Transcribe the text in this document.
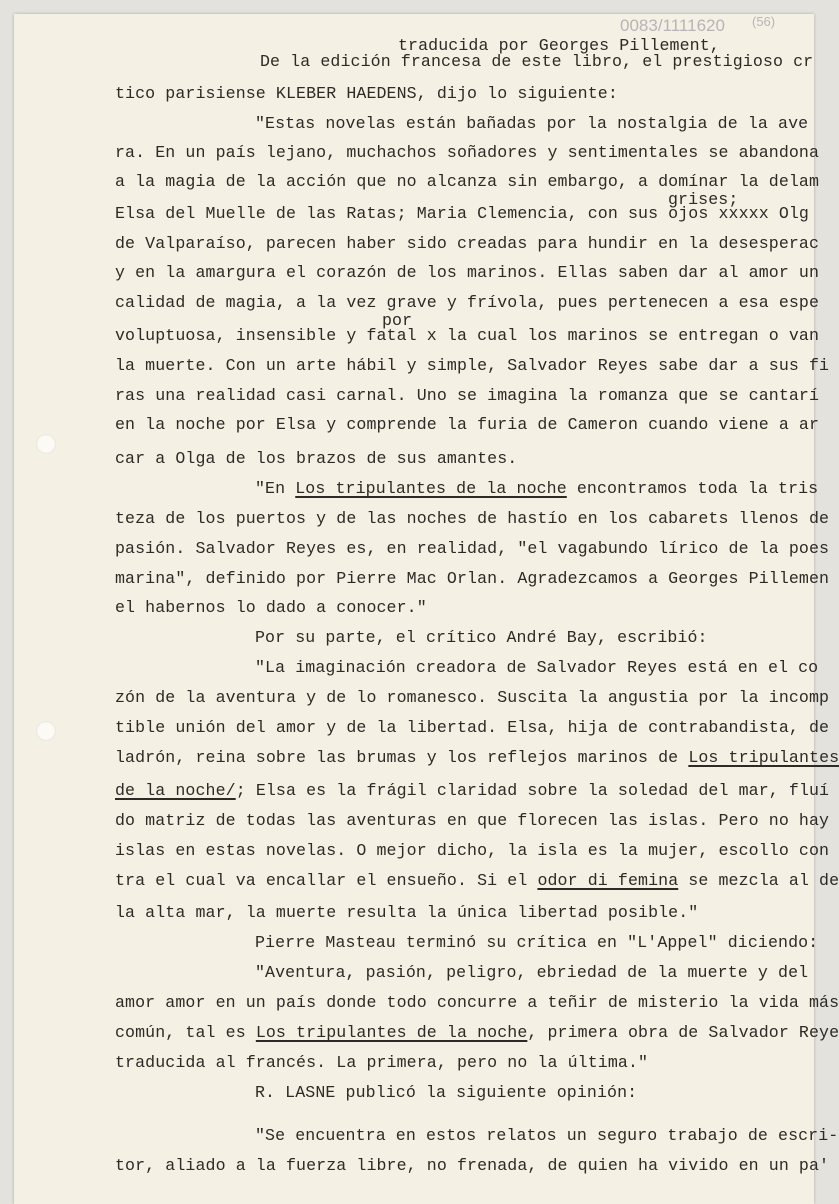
0083/1111620 (56)
traducida por Georges Pillement,
De la edición francesa de este libro, el prestigioso cr
tico parisiense KLEBER HAEDENS, dijo lo siguiente:
"Estas novelas están bañadas por la nostalgia de la ave
ra. En un país lejano, muchachos soñadores y sentimentales se abandona
a la magia de la acción que no alcanza sin embargo, a domínar la delam
grises;
Elsa del Muelle de las Ratas; Maria Clemencia, con sus ojos xxxxx Olg
de Valparaíso, parecen haber sido creadas para hundir en la desesperac
y en la amargura el corazón de los marinos. Ellas saben dar al amor un
calidad de magia, a la vez grave y frívola, pues pertenecen a esa espe
por
voluptuosa, insensible y fatal x la cual los marinos se entregan o van
la muerte. Con un arte hábil y simple, Salvador Reyes sabe dar a sus fi
ras una realidad casi carnal. Uno se imagina la romanza que se cantarí
en la noche por Elsa y comprende la furia de Cameron cuando viene a ar
car a Olga de los brazos de sus amantes.
"En Los tripulantes de la noche encontramos toda la tris
teza de los puertos y de las noches de hastío en los cabarets llenos de
pasión. Salvador Reyes es, en realidad, "el vagabundo lírico de la poes
marina", definido por Pierre Mac Orlan. Agradezcamos a Georges Pillemen
el habernos lo dado a conocer."
Por su parte, el crítico André Bay, escribió:
"La imaginación creadora de Salvador Reyes está en el co
zón de la aventura y de lo romanesco. Suscita la angustia por la incomp
tible unión del amor y de la libertad. Elsa, hija de contrabandista, de
ladrón, reina sobre las brumas y los reflejos marinos de Los tripulantes
de la noche/; Elsa es la frágil claridad sobre la soledad del mar, fluí
do matriz de todas las aventuras en que florecen las islas. Pero no hay
islas en estas novelas. O mejor dicho, la isla es la mujer, escollo con
tra el cual va encallar el ensueño. Si el odor di femina se mezcla al de
la alta mar, la muerte resulta la única libertad posible."
Pierre Masteau terminó su crítica en "L'Appel" diciendo:
"Aventura, pasión, peligro, ebriedad de la muerte y del
amor amor en un país donde todo concurre a teñir de misterio la vida más
común, tal es Los tripulantes de la noche, primera obra de Salvador Reye
traducida al francés. La primera, pero no la última."
R. LASNE publicó la siguiente opinión:
"Se encuentra en estos relatos un seguro trabajo de escri-
tor, aliado a la fuerza libre, no frenada, de quien ha vivido en un pa'
